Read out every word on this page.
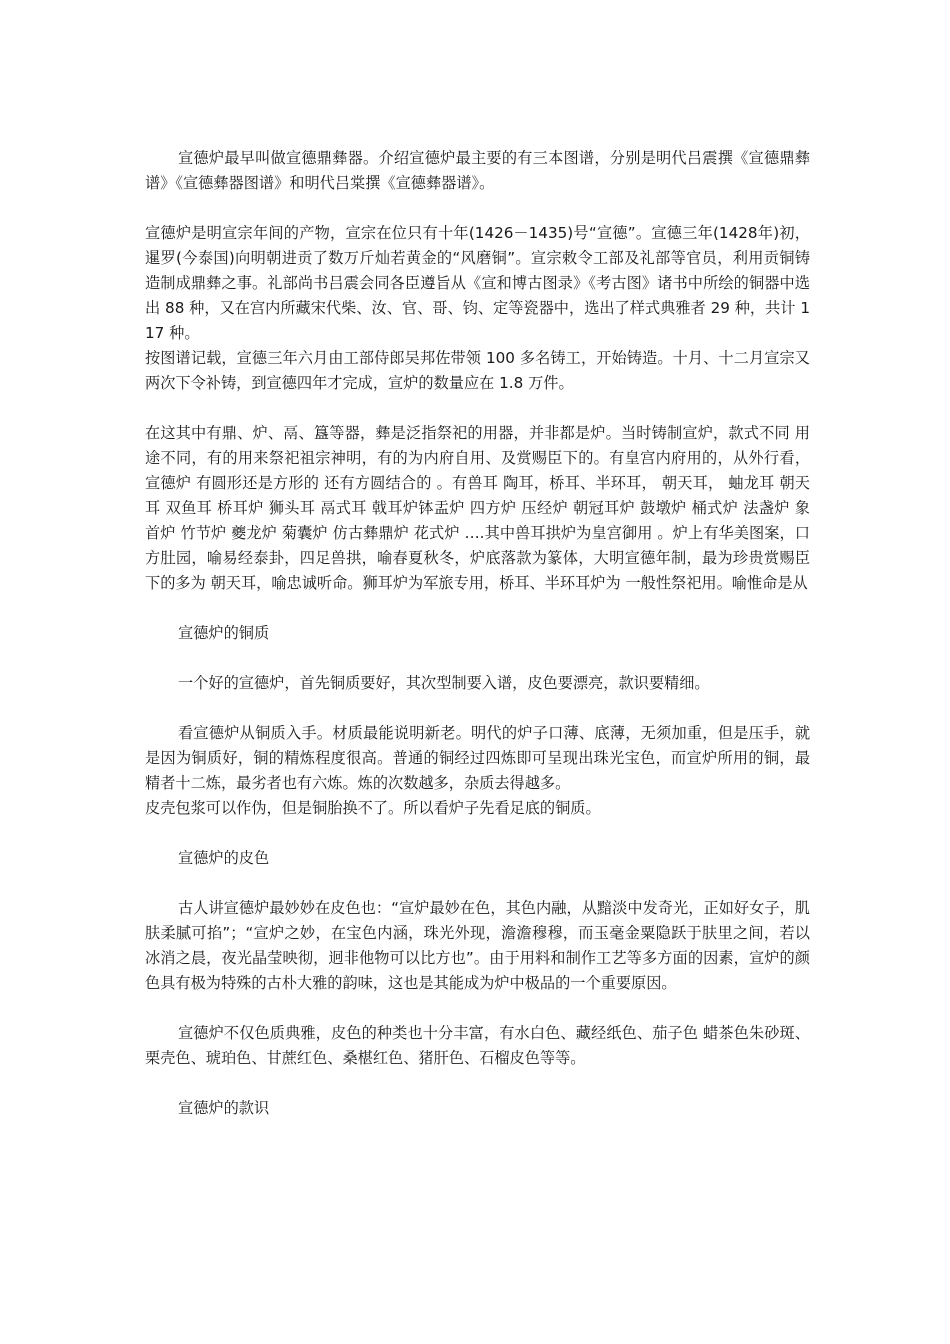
宣德炉最早叫做宣德鼎彝器。介绍宣德炉最主要的有三本图谱，分别是明代吕震撰《宣德鼎彝谱》《宣德彝器图谱》和明代吕棠撰《宣德彝器谱》。

宣德炉是明宣宗年间的产物，宣宗在位只有十年(1426－1435)号“宣德”。宣德三年(1428年)初，暹罗(今泰国)向明朝进贡了数万斤灿若黄金的“风磨铜”。宣宗敕令工部及礼部等官员，利用贡铜铸造制成鼎彝之事。礼部尚书吕震会同各臣遵旨从《宣和博古图录》《考古图》诸书中所绘的铜器中选出 88 种，又在宫内所藏宋代柴、汝、官、哥、钧、定等瓷器中，选出了样式典雅者 29 种，共计 117 种。

按图谱记载，宣德三年六月由工部侍郎吴邦佐带领 100 多名铸工，开始铸造。十月、十二月宣宗又两次下令补铸，到宣德四年才完成，宣炉的数量应在 1.8 万件。

在这其中有鼎、炉、鬲、簋等器，彝是泛指祭祀的用器，并非都是炉。当时铸制宣炉，款式不同 用途不同，有的用来祭祀祖宗神明，有的为内府自用、及赏赐臣下的。有皇宫内府用的，从外行看，宣德炉 有圆形还是方形的 还有方圆结合的 。有兽耳 陶耳，桥耳、半环耳， 朝天耳， 蚰龙耳 朝天耳 双鱼耳 桥耳炉 狮头耳 鬲式耳 戟耳炉钵盂炉 四方炉 压经炉 朝冠耳炉 鼓墩炉 桶式炉 法盏炉 象首炉 竹节炉 夔龙炉 菊囊炉 仿古彝鼎炉 花式炉 ….其中兽耳拱炉为皇宫御用 。炉上有华美图案，口方肚园，喻易经泰卦，四足兽拱，喻春夏秋冬，炉底落款为篆体，大明宣德年制，最为珍贵赏赐臣下的多为 朝天耳，喻忠诚听命。狮耳炉为军旅专用，桥耳、半环耳炉为 一般性祭祀用。喻惟命是从

宣德炉的铜质

一个好的宣德炉，首先铜质要好，其次型制要入谱，皮色要漂亮，款识要精细。

看宣德炉从铜质入手。材质最能说明新老。明代的炉子口薄、底薄，无须加重，但是压手，就是因为铜质好，铜的精炼程度很高。普通的铜经过四炼即可呈现出珠光宝色，而宣炉所用的铜，最精者十二炼，最劣者也有六炼。炼的次数越多，杂质去得越多。

皮壳包浆可以作伪，但是铜胎换不了。所以看炉子先看足底的铜质。

宣德炉的皮色

古人讲宣德炉最妙妙在皮色也：“宣炉最妙在色，其色内融，从黯淡中发奇光，正如好女子，肌肤柔腻可掐”；“宣炉之妙，在宝色内涵，珠光外现，澹澹穆穆，而玉毫金粟隐跃于肤里之间，若以冰消之晨，夜光晶莹映彻，迥非他物可以比方也”。由于用料和制作工艺等多方面的因素，宣炉的颜色具有极为特殊的古朴大雅的韵味，这也是其能成为炉中极品的一个重要原因。

宣德炉不仅色质典雅，皮色的种类也十分丰富，有水白色、藏经纸色、茄子色 蜡茶色朱砂斑、栗壳色、琥珀色、甘蔗红色、桑椹红色、猪肝色、石榴皮色等等。

宣德炉的款识
